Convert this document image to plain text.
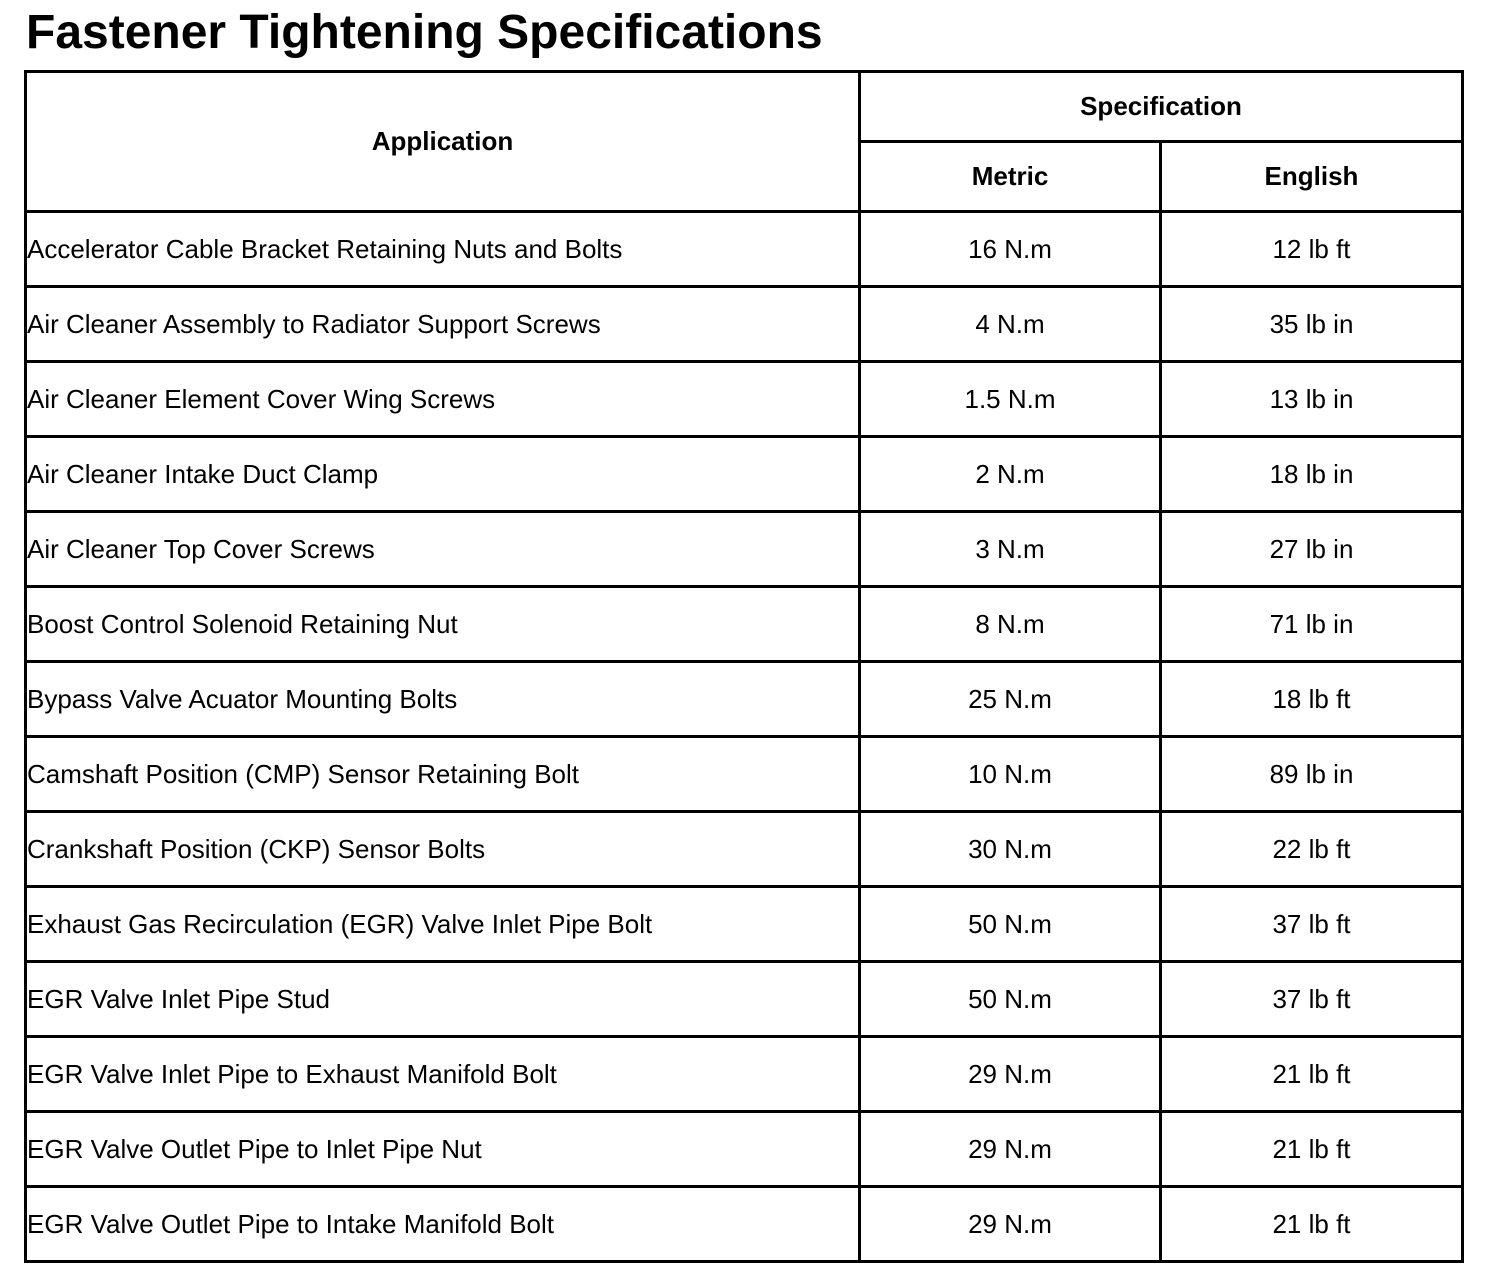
Fastener Tightening Specifications
Application	Specification	
	Metric	English
Accelerator Cable Bracket Retaining Nuts and Bolts	16 N.m	12 lb ft
Air Cleaner Assembly to Radiator Support Screws	4 N.m	35 lb in
Air Cleaner Element Cover Wing Screws	1.5 N.m	13 lb in
Air Cleaner Intake Duct Clamp	2 N.m	18 lb in
Air Cleaner Top Cover Screws	3 N.m	27 lb in
Boost Control Solenoid Retaining Nut	8 N.m	71 lb in
Bypass Valve Acuator Mounting Bolts	25 N.m	18 lb ft
Camshaft Position (CMP) Sensor Retaining Bolt	10 N.m	89 lb in
Crankshaft Position (CKP) Sensor Bolts	30 N.m	22 lb ft
Exhaust Gas Recirculation (EGR) Valve Inlet Pipe Bolt	50 N.m	37 lb ft
EGR Valve Inlet Pipe Stud	50 N.m	37 lb ft
EGR Valve Inlet Pipe to Exhaust Manifold Bolt	29 N.m	21 lb ft
EGR Valve Outlet Pipe to Inlet Pipe Nut	29 N.m	21 lb ft
EGR Valve Outlet Pipe to Intake Manifold Bolt	29 N.m	21 lb ft
